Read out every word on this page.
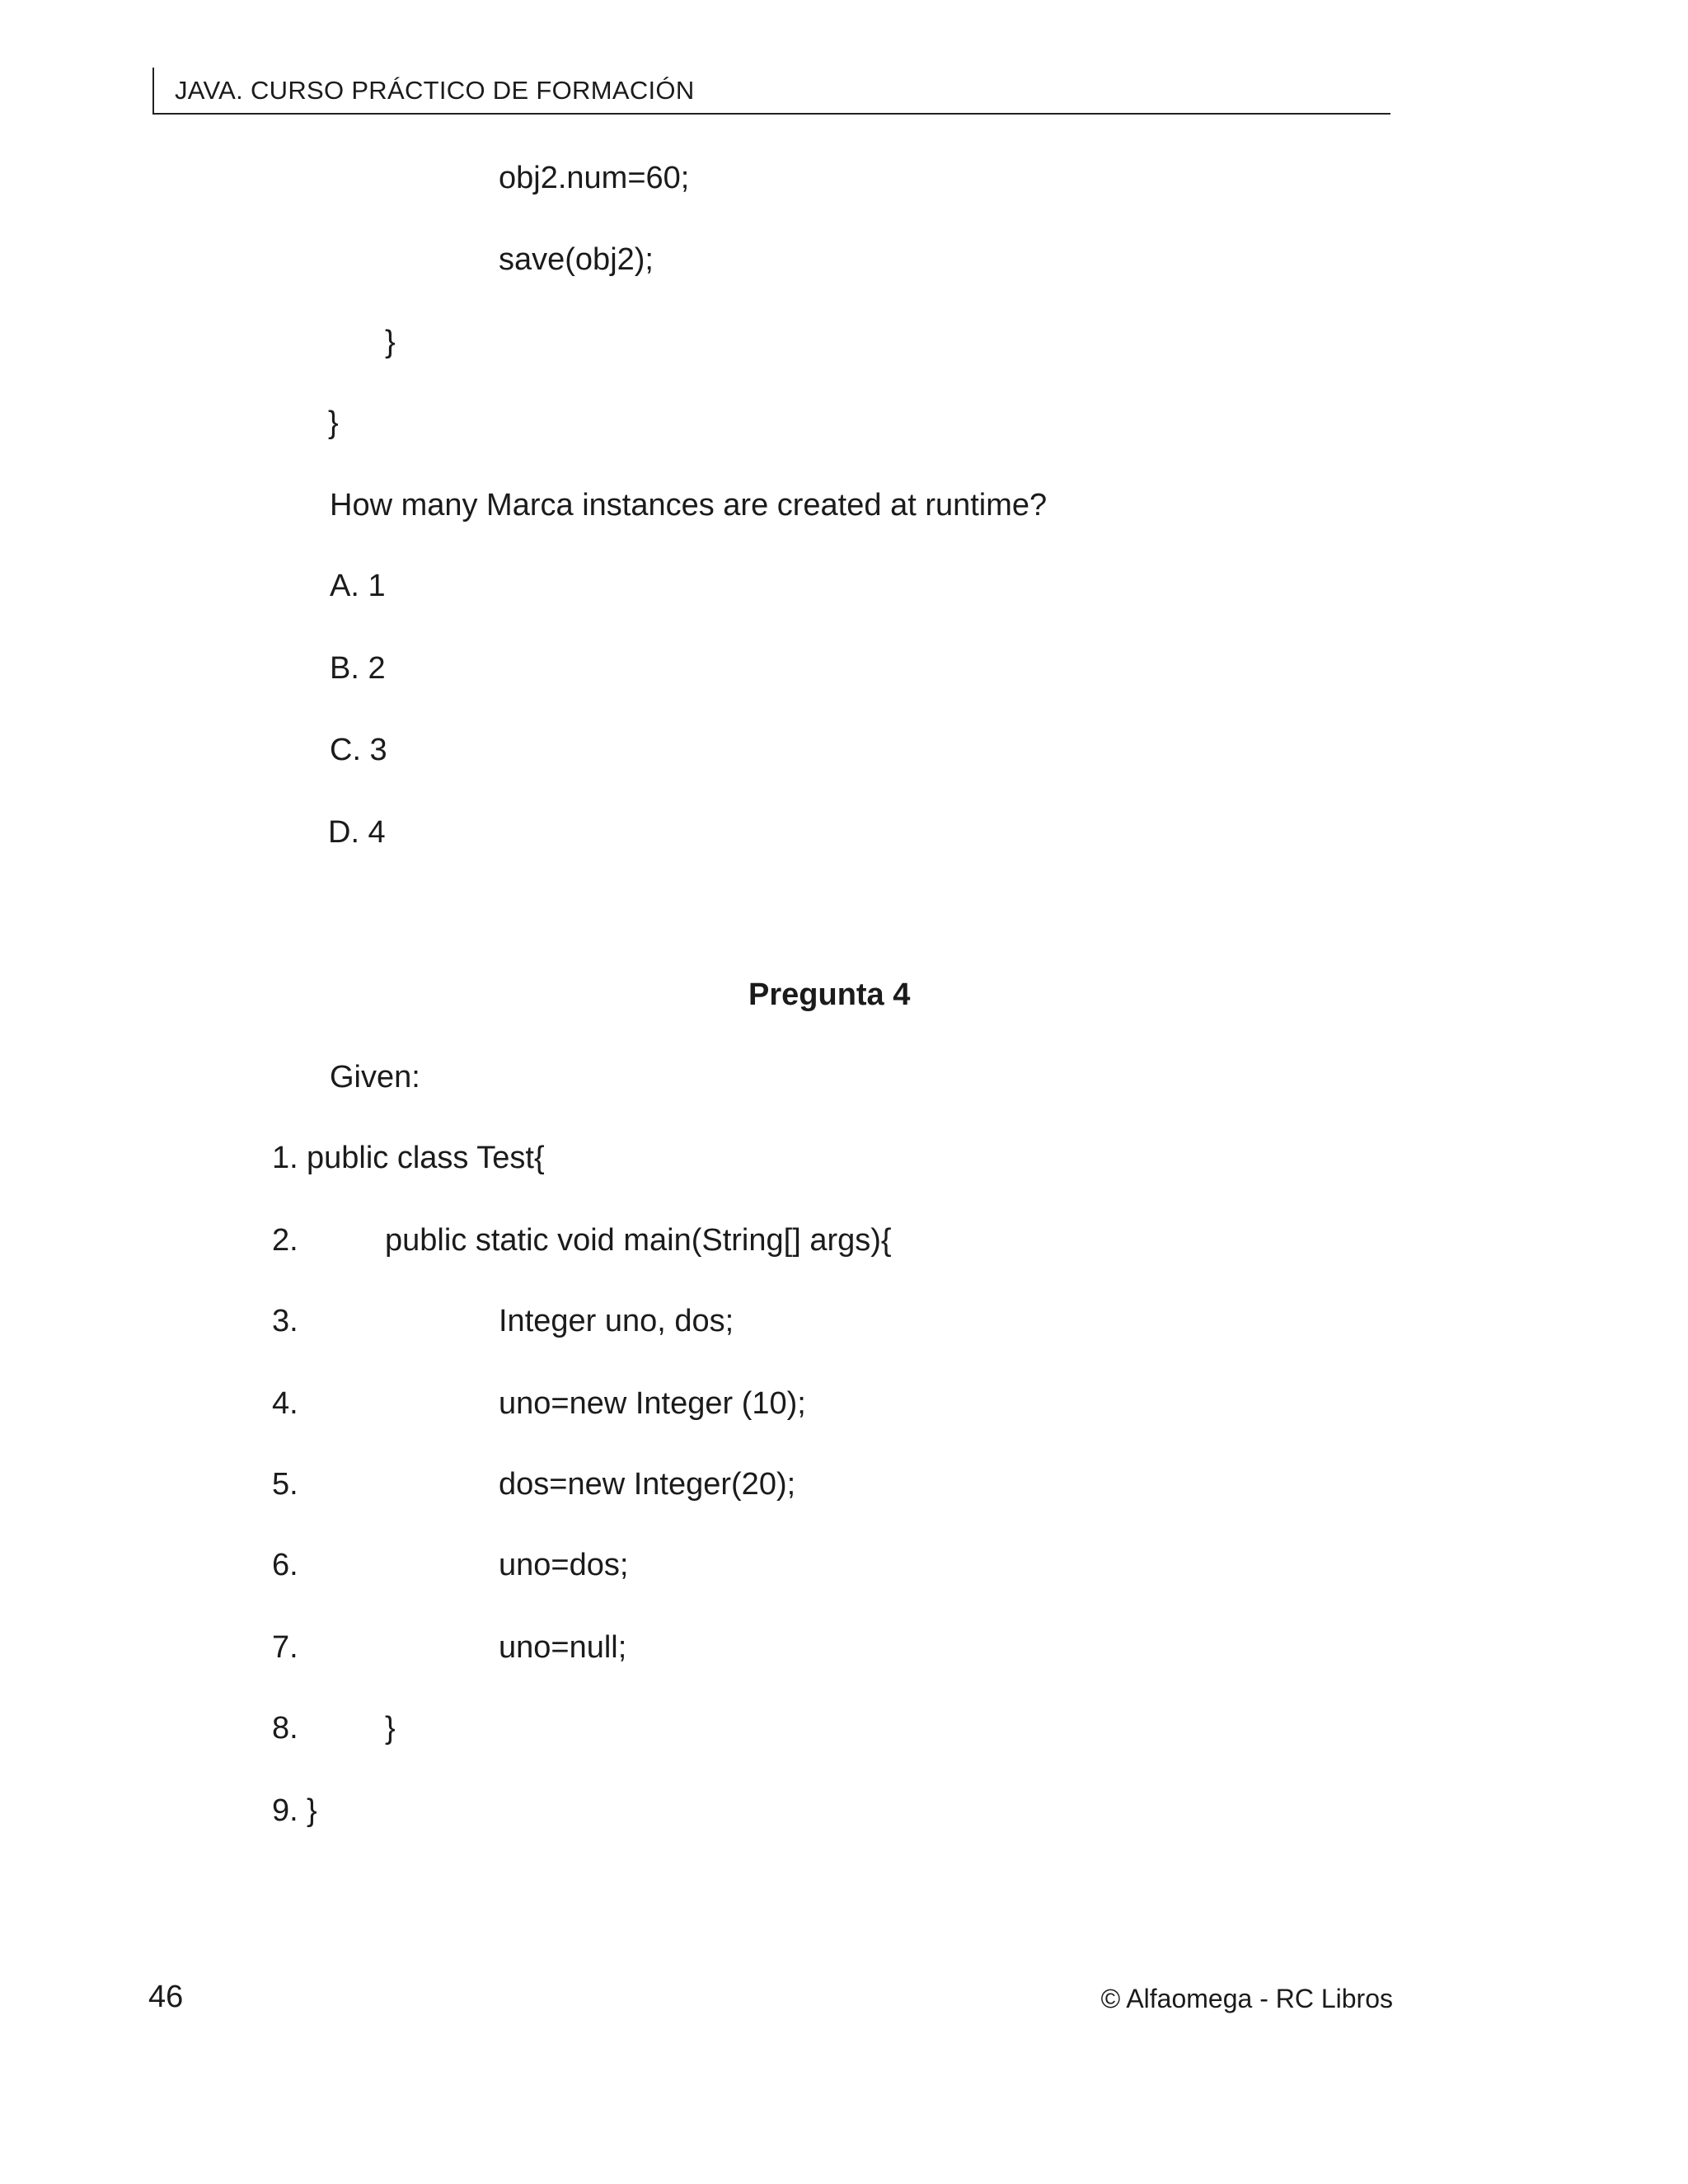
JAVA. CURSO PRÁCTICO DE FORMACIÓN
obj2.num=60;
save(obj2);
}
}
How many Marca instances are created at runtime?
A. 1
B. 2
C. 3
D. 4
Pregunta 4
Given:
1. public class Test{
2.	public static void main(String[] args){
3.	Integer uno, dos;
4.	uno=new Integer (10);
5.	dos=new Integer(20);
6.	uno=dos;
7.	uno=null;
8.	}
9. }
46	© Alfaomega - RC Libros
